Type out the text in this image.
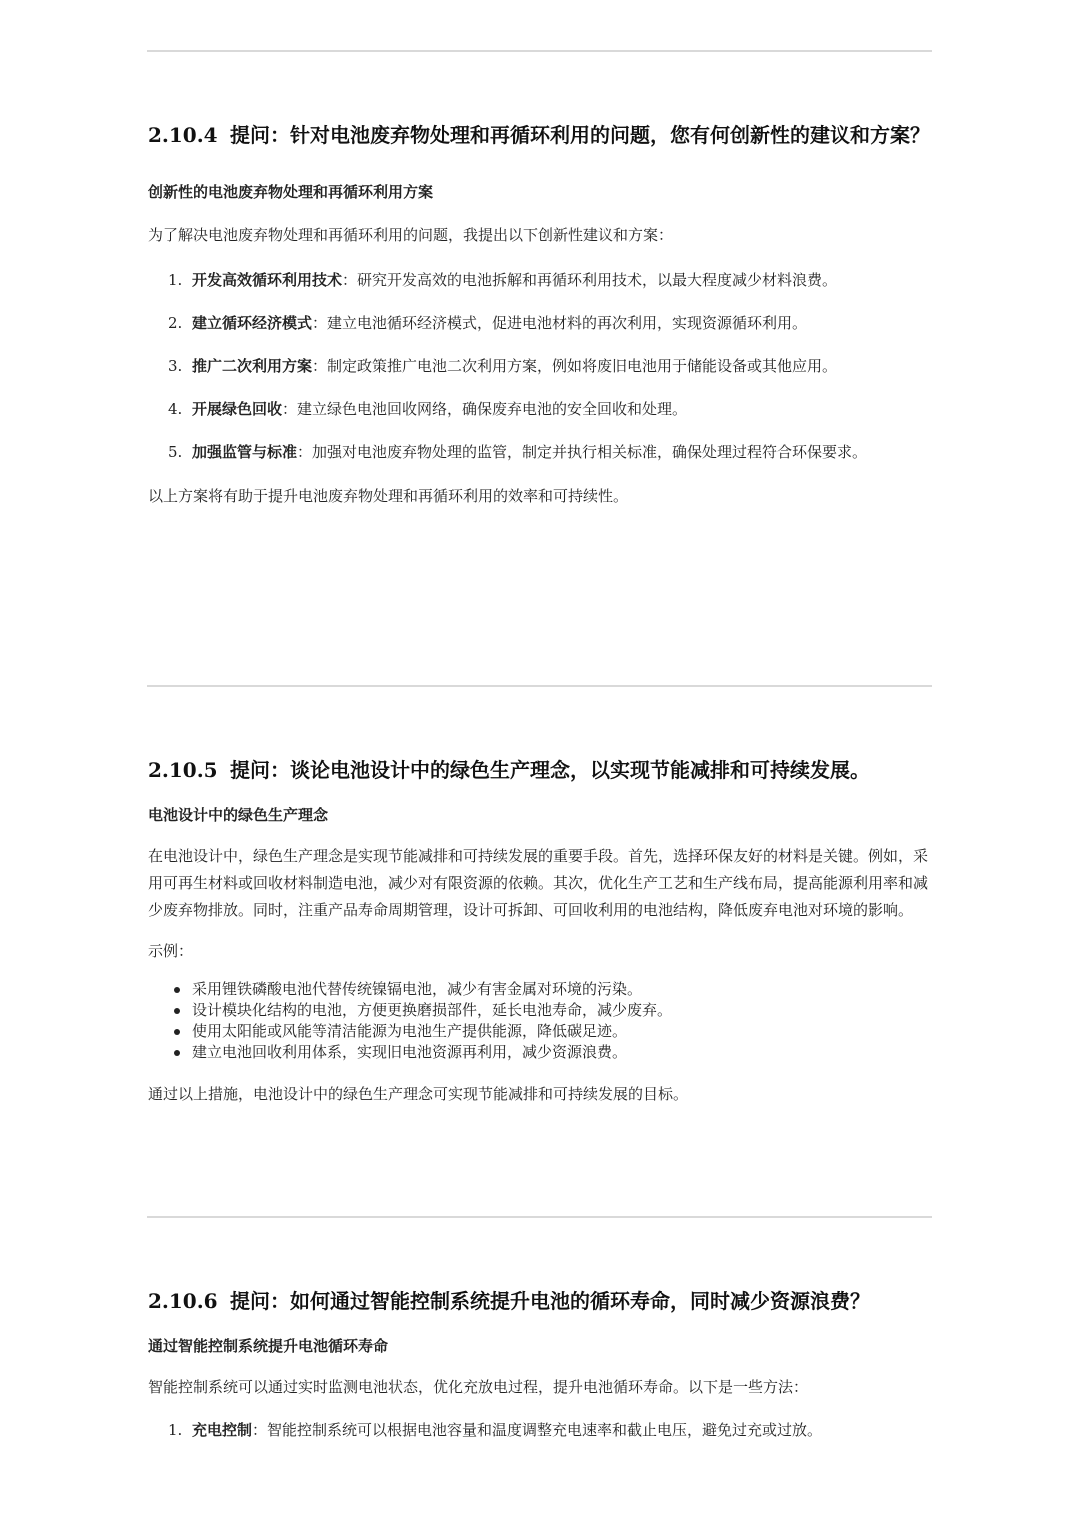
2.10.4 提问：针对电池废弃物处理和再循环利用的问题，您有何创新性的建议和方案？
创新性的电池废弃物处理和再循环利用方案

为了解决电池废弃物处理和再循环利用的问题，我提出以下创新性建议和方案：

1. 开发高效循环利用技术：研究开发高效的电池拆解和再循环利用技术，以最大程度减少材料浪费。
2. 建立循环经济模式：建立电池循环经济模式，促进电池材料的再次利用，实现资源循环利用。
3. 推广二次利用方案：制定政策推广电池二次利用方案，例如将废旧电池用于储能设备或其他应用。
4. 开展绿色回收：建立绿色电池回收网络，确保废弃电池的安全回收和处理。
5. 加强监管与标准：加强对电池废弃物处理的监管，制定并执行相关标准，确保处理过程符合环保要求。

以上方案将有助于提升电池废弃物处理和再循环利用的效率和可持续性。

2.10.5 提问：谈论电池设计中的绿色生产理念，以实现节能减排和可持续发展。
电池设计中的绿色生产理念

在电池设计中，绿色生产理念是实现节能减排和可持续发展的重要手段。首先，选择环保友好的材料是关键。例如，采用可再生材料或回收材料制造电池，减少对有限资源的依赖。其次，优化生产工艺和生产线布局，提高能源利用率和减少废弃物排放。同时，注重产品寿命周期管理，设计可拆卸、可回收利用的电池结构，降低废弃电池对环境的影响。

示例：

采用锂铁磷酸电池代替传统镍镉电池，减少有害金属对环境的污染。
设计模块化结构的电池，方便更换磨损部件，延长电池寿命，减少废弃。
使用太阳能或风能等清洁能源为电池生产提供能源，降低碳足迹。
建立电池回收利用体系，实现旧电池资源再利用，减少资源浪费。

通过以上措施，电池设计中的绿色生产理念可实现节能减排和可持续发展的目标。

2.10.6 提问：如何通过智能控制系统提升电池的循环寿命，同时减少资源浪费？
通过智能控制系统提升电池循环寿命

智能控制系统可以通过实时监测电池状态，优化充放电过程，提升电池循环寿命。以下是一些方法：

1. 充电控制：智能控制系统可以根据电池容量和温度调整充电速率和截止电压，避免过充或过放。
